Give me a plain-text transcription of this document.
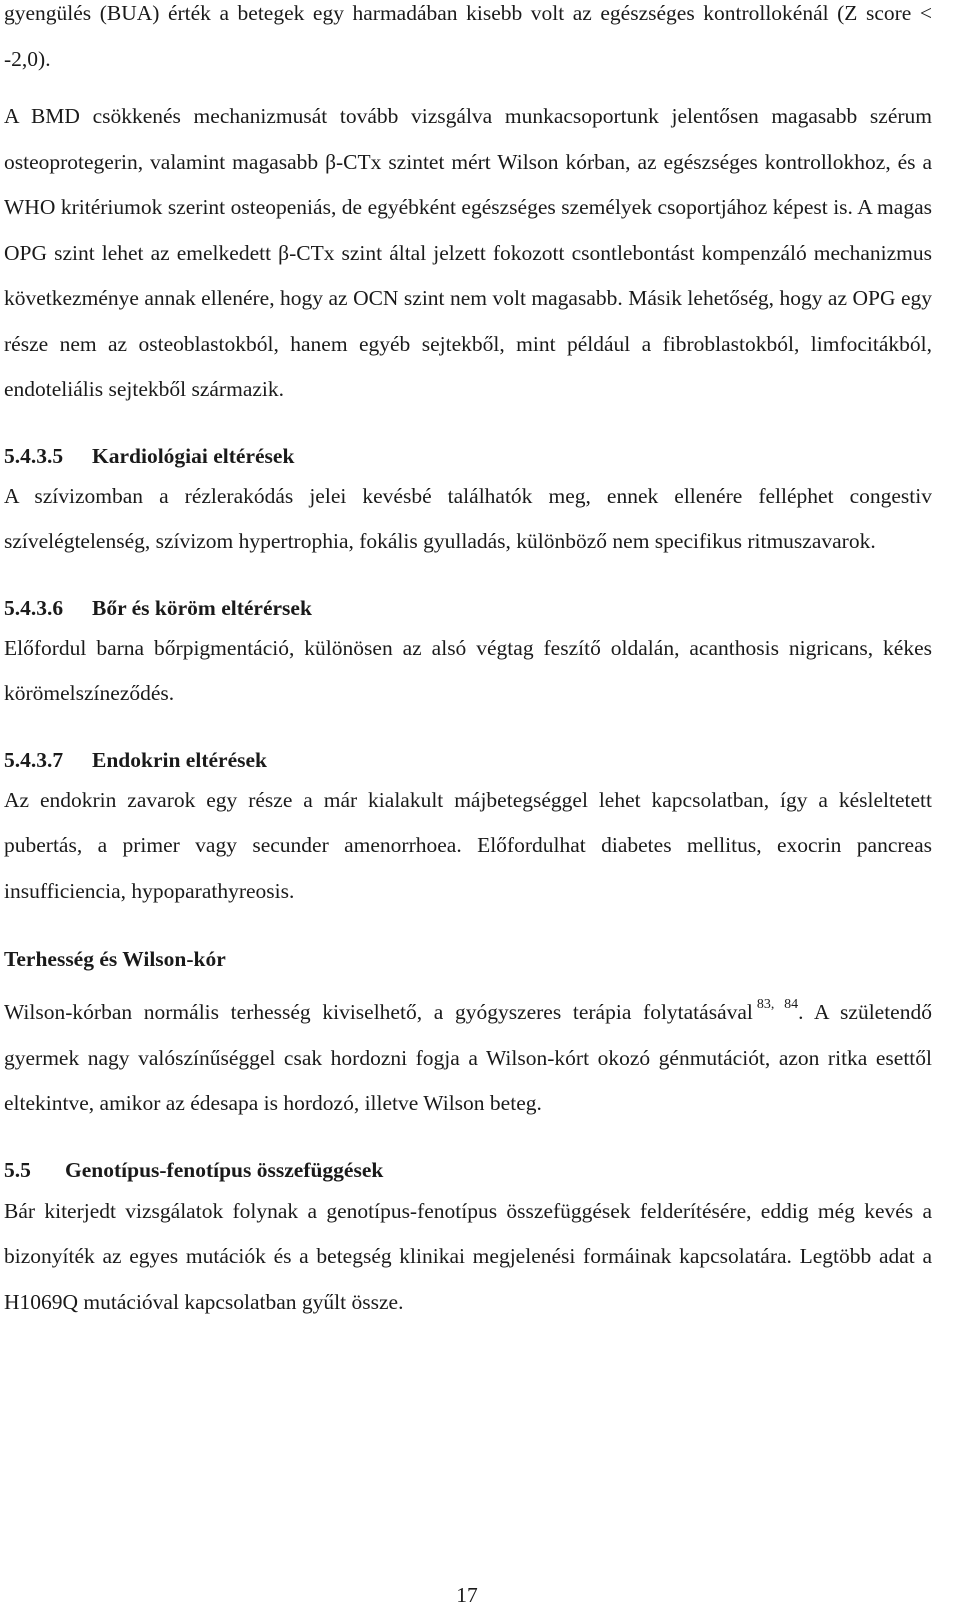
gyengülés (BUA) érték a betegek egy harmadában kisebb volt az egészséges kontrollokénál (Z score < -2,0).

A BMD csökkenés mechanizmusát tovább vizsgálva munkacsoportunk jelentősen magasabb szérum osteoprotegerin, valamint magasabb β-CTx szintet mért Wilson kórban, az egészséges kontrollokhoz, és a WHO kritériumok szerint osteopeniás, de egyébként egészséges személyek csoportjához képest is. A magas OPG szint lehet az emelkedett β-CTx szint által jelzett fokozott csontlebontást kompenzáló mechanizmus következménye annak ellenére, hogy az OCN szint nem volt magasabb. Másik lehetőség, hogy az OPG egy része nem az osteoblastokból, hanem egyéb sejtekből, mint például a fibroblastokból, limfocitákból, endoteliális sejtekből származik.

5.4.3.5 Kardiológiai eltérések

A szívizomban a rézlerakódás jelei kevésbé találhatók meg, ennek ellenére felléphet congestiv szívelégtelenség, szívizom hypertrophia, fokális gyulladás, különböző nem specifikus ritmuszavarok.

5.4.3.6 Bőr és köröm eltérérsek

Előfordul barna bőrpigmentáció, különösen az alsó végtag feszítő oldalán, acanthosis nigricans, kékes körömelszíneződés.

5.4.3.7 Endokrin eltérések

Az endokrin zavarok egy része a már kialakult májbetegséggel lehet kapcsolatban, így a késleltetett pubertás, a primer vagy secunder amenorrhoea. Előfordulhat diabetes mellitus, exocrin pancreas insufficiencia, hypoparathyreosis.

Terhesség és Wilson-kór

Wilson-kórban normális terhesség kiviselhető, a gyógyszeres terápia folytatásával $^{83, 84}$. A születendő gyermek nagy valószínűséggel csak hordozni fogja a Wilson-kórt okozó génmutációt, azon ritka esettől eltekintve, amikor az édesapa is hordozó, illetve Wilson beteg.

5.5 Genotípus-fenotípus összefüggések

Bár kiterjedt vizsgálatok folynak a genotípus-fenotípus összefüggések felderítésére, eddig még kevés a bizonyíték az egyes mutációk és a betegség klinikai megjelenési formáinak kapcsolatára. Legtöbb adat a H1069Q mutációval kapcsolatban gyűlt össze.

17
